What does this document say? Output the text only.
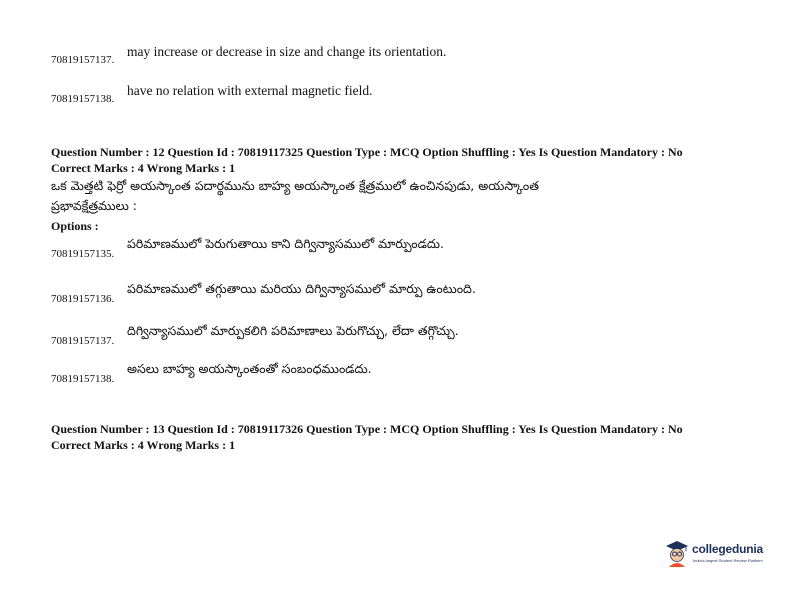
70819157137.
may increase or decrease in size and change its orientation.
70819157138.
have no relation with external magnetic field.
Question Number : 12 Question Id : 70819117325 Question Type : MCQ Option Shuffling : Yes Is Question Mandatory : No
Correct Marks : 4 Wrong Marks : 1
ఒక మెత్తటి ఫెర్రో అయస్కాంత పదార్థమును బాహ్య అయస్కాంత క్షేత్రములో ఉంచినపుడు, అయస్కాంత
ప్రభావక్షేత్రములు :
Options :
70819157135.
పరిమాణములో పెరుగుతాయి కాని దిగ్విన్యాసములో మార్పుండదు.
70819157136.
పరిమాణములో తగ్గుతాయి మరియు దిగ్విన్యాసములో మార్పు ఉంటుంది.
70819157137.
దిగ్విన్యాసములో మార్పుకలిగి పరిమాణాలు పెరుగొచ్చు, లేదా తగ్గొచ్చు.
70819157138.
అసలు బాహ్య అయస్కాంతంతో సంబంధముండదు.
Question Number : 13 Question Id : 70819117326 Question Type : MCQ Option Shuffling : Yes Is Question Mandatory : No
Correct Marks : 4 Wrong Marks : 1
collegedunia
India's largest Student Review Platform
